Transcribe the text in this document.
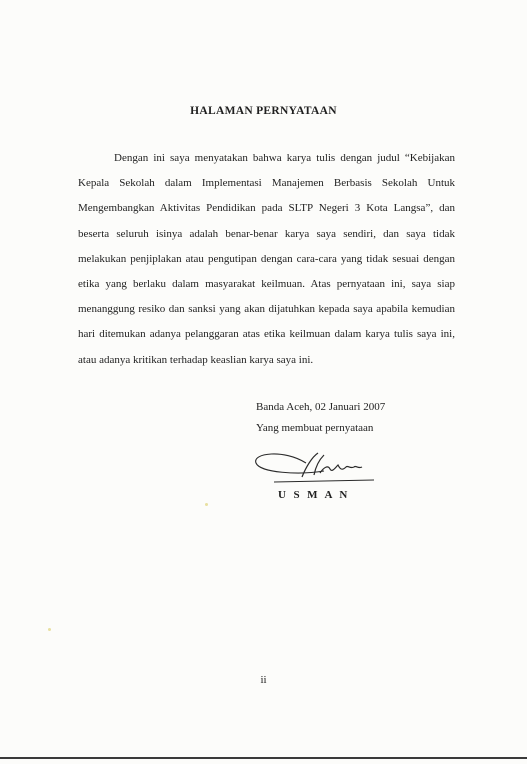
HALAMAN PERNYATAAN

Dengan ini saya menyatakan bahwa karya tulis dengan judul “Kebijakan Kepala Sekolah dalam Implementasi Manajemen Berbasis Sekolah Untuk Mengembangkan Aktivitas Pendidikan pada SLTP Negeri 3 Kota Langsa”, dan beserta seluruh isinya adalah benar-benar karya saya sendiri, dan saya tidak melakukan penjiplakan atau pengutipan dengan cara-cara yang tidak sesuai dengan etika yang berlaku dalam masyarakat keilmuan. Atas pernyataan ini, saya siap menanggung resiko dan sanksi yang akan dijatuhkan kepada saya apabila kemudian hari ditemukan adanya pelanggaran atas etika keilmuan dalam karya tulis saya ini, atau adanya kritikan terhadap keaslian karya saya ini.

Banda Aceh, 02 Januari 2007
Yang membuat pernyataan
U S M A N
ii
